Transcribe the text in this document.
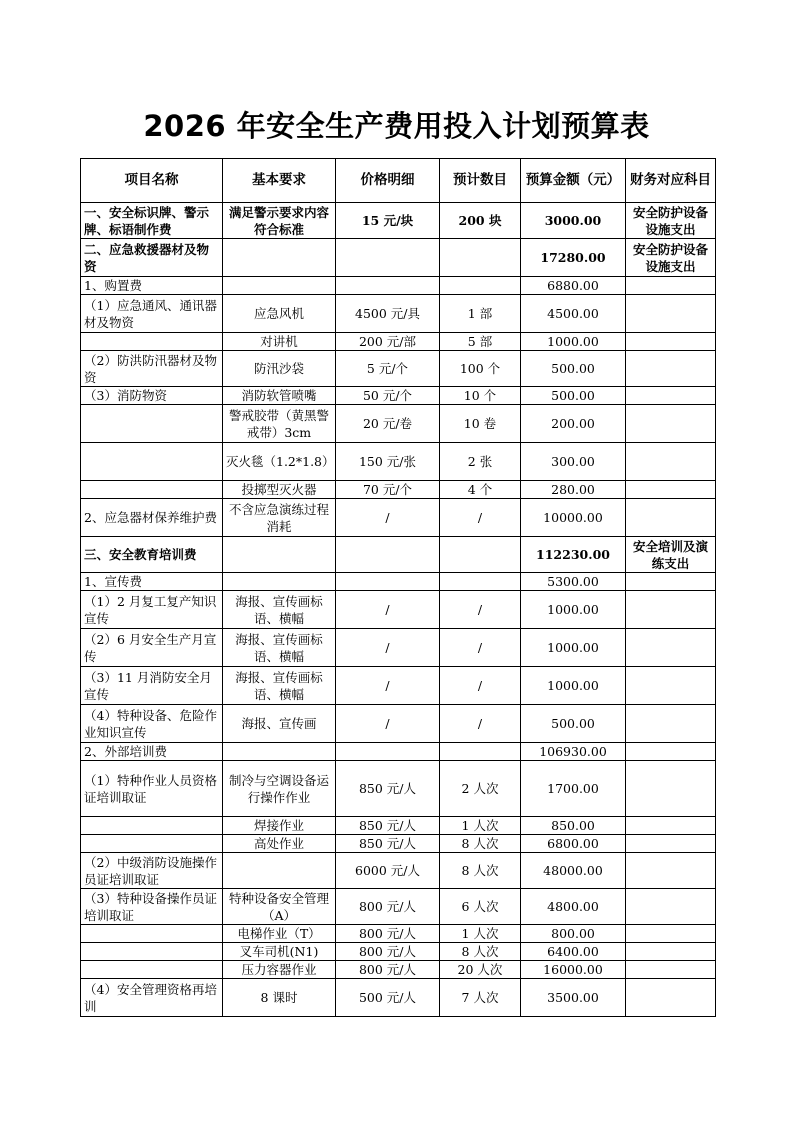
2026 年安全生产费用投入计划预算表
项目名称	基本要求	价格明细	预计数目	预算金额（元）	财务对应科目
一、安全标识牌、警示牌、标语制作费	满足警示要求内容符合标准	15 元/块	200 块	3000.00	安全防护设备设施支出
二、应急救援器材及物资				17280.00	安全防护设备设施支出
1、购置费				6880.00	
（1）应急通风、通讯器材及物资	应急风机	4500 元/具	1 部	4500.00	
	对讲机	200 元/部	5 部	1000.00	
（2）防洪防汛器材及物资	防汛沙袋	5 元/个	100 个	500.00	
（3）消防物资	消防软管喷嘴	50 元/个	10 个	500.00	
	警戒胶带（黄黑警戒带）3cm	20 元/卷	10 卷	200.00	
	灭火毯（1.2*1.8）	150 元/张	2 张	300.00	
	投掷型灭火器	70 元/个	4 个	280.00	
2、应急器材保养维护费	不含应急演练过程消耗	/	/	10000.00	
三、安全教育培训费				112230.00	安全培训及演练支出
1、宣传费				5300.00	
（1）2 月复工复产知识宣传	海报、宣传画标语、横幅	/	/	1000.00	
（2）6 月安全生产月宣传	海报、宣传画标语、横幅	/	/	1000.00	
（3）11 月消防安全月宣传	海报、宣传画标语、横幅	/	/	1000.00	
（4）特种设备、危险作业知识宣传	海报、宣传画	/	/	500.00	
2、外部培训费				106930.00	
（1）特种作业人员资格证培训取证	制冷与空调设备运行操作作业	850 元/人	2 人次	1700.00	
	焊接作业	850 元/人	1 人次	850.00	
	高处作业	850 元/人	8 人次	6800.00	
（2）中级消防设施操作员证培训取证		6000 元/人	8 人次	48000.00	
（3）特种设备操作员证培训取证	特种设备安全管理（A）	800 元/人	6 人次	4800.00	
	电梯作业（T）	800 元/人	1 人次	800.00	
	叉车司机(N1)	800 元/人	8 人次	6400.00	
	压力容器作业	800 元/人	20 人次	16000.00	
（4）安全管理资格再培训	8 课时	500 元/人	7 人次	3500.00	
